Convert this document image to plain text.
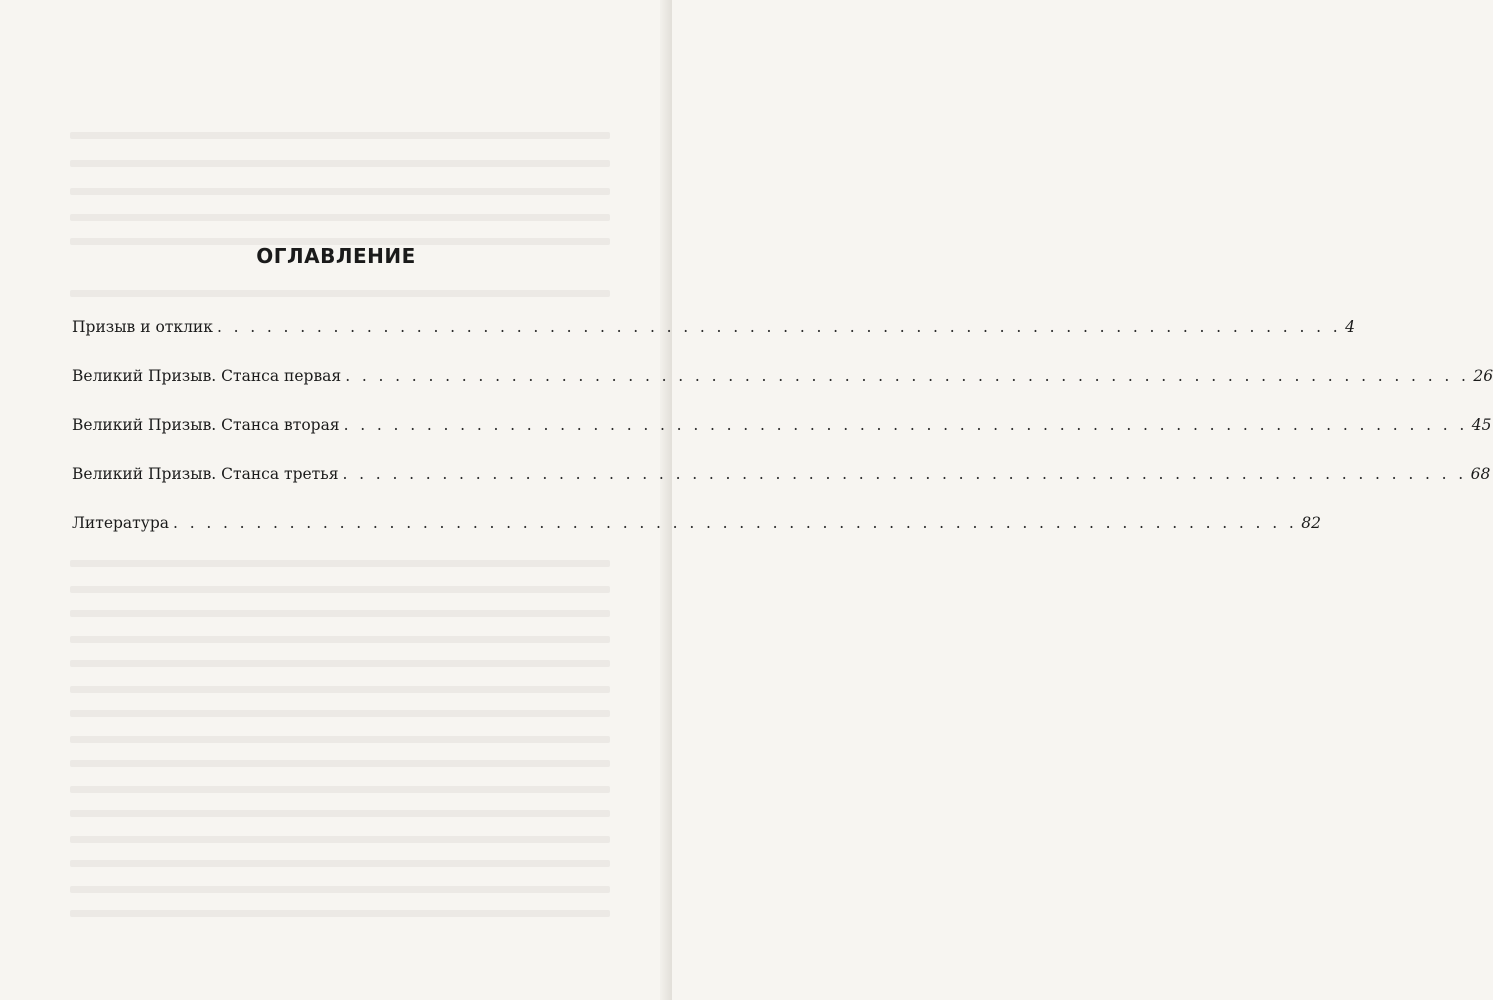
ОГЛАВЛЕНИЕ
Призыв и отклик . . . . . . . . . . . . . . . . . . . . . . . . . . . . . . . . . . . . . . . . . . . . . . . . . . . . . . . . . . . . . . . . . . . . 4
Великий Призыв. Станса первая . . . . . . . . . . . . . . . . . . . . . . . . . . . . . . . . . . . . . . . . . . . . . . . . . . . . . . . . . . . . . . . . . . . . 26
Великий Призыв. Станса вторая . . . . . . . . . . . . . . . . . . . . . . . . . . . . . . . . . . . . . . . . . . . . . . . . . . . . . . . . . . . . . . . . . . . . 45
Великий Призыв. Станса третья . . . . . . . . . . . . . . . . . . . . . . . . . . . . . . . . . . . . . . . . . . . . . . . . . . . . . . . . . . . . . . . . . . . . 68
Литература . . . . . . . . . . . . . . . . . . . . . . . . . . . . . . . . . . . . . . . . . . . . . . . . . . . . . . . . . . . . . . . . . . . . 82
